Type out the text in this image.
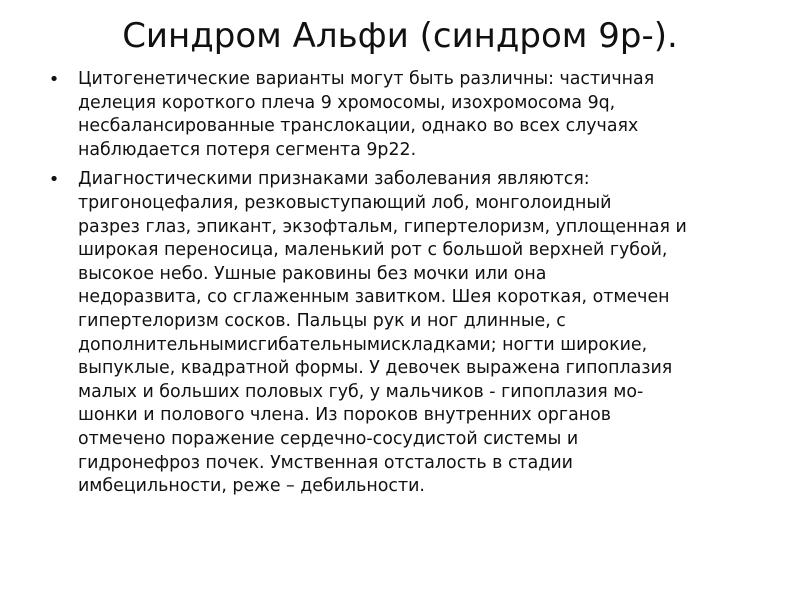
Синдром Альфи (синдром 9р-).
• Цитогенетические варианты могут быть различны: частичная
делеция короткого плеча 9 хромосомы, изохромосома 9q,
несбалансированные транслокации, однако во всех случаях
наблюдается потеря сегмента 9р22.
• Диагностическими признаками заболевания являются:
тригоноцефалия, резковыступающий лоб, монголоидный
разрез глаз, эпикант, экзофтальм, гипертелоризм, уплощенная и
широкая переносица, маленький рот с большой верхней губой,
высокое небо. Ушные раковины без мочки или она
недоразвита, со сглаженным завитком. Шея короткая, отмечен
гипертелоризм сосков. Пальцы рук и ног длинные, с
дополнительнымисгибательнымискладками; ногти широкие,
выпуклые, квадратной формы. У девочек выражена гипоплазия
малых и больших половых губ, у мальчиков - гипоплазия мо-
шонки и полового члена. Из пороков внутренних органов
отмечено поражение сердечно-сосудистой системы и
гидронефроз почек. Умственная отсталость в стадии
имбецильности, реже – дебильности.
